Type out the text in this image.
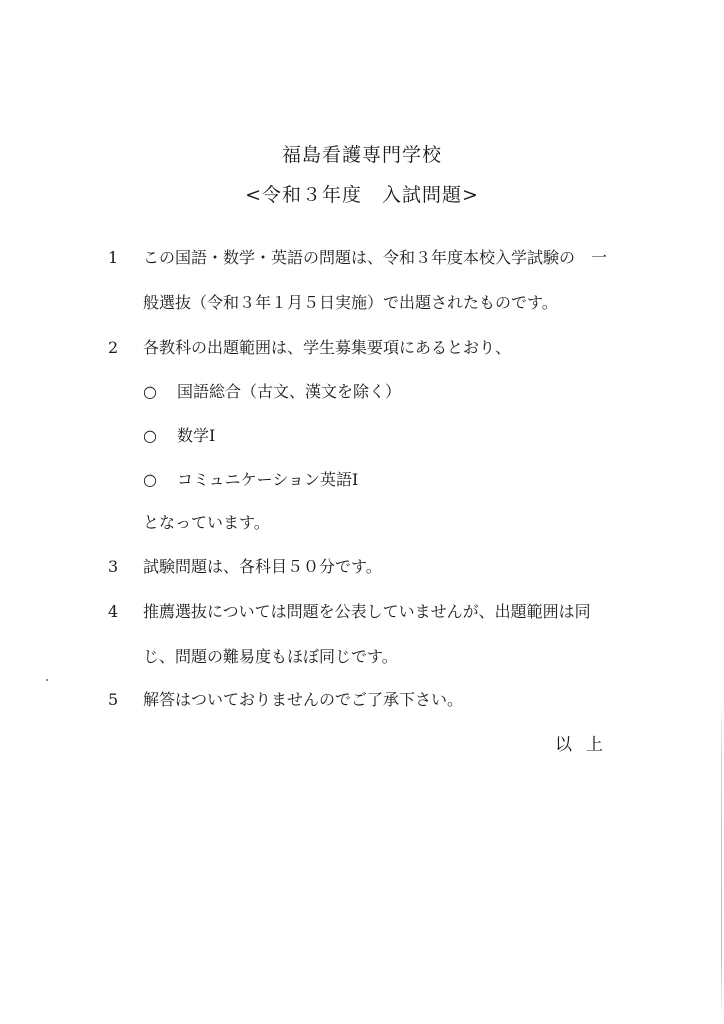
福島看護専門学校
<令和３年度　入試問題>
1	この国語・数学・英語の問題は、令和３年度本校入学試験の　一
般選抜（令和３年１月５日実施）で出題されたものです。
2	各教科の出題範囲は、学生募集要項にあるとおり、
○ 国語総合（古文、漢文を除く）
○ 数学Ⅰ
○ コミュニケーション英語Ⅰ
となっています。
3	試験問題は、各科目５０分です。
4	推薦選抜については問題を公表していませんが、出題範囲は同
じ、問題の難易度もほぼ同じです。
5	解答はついておりませんのでご了承下さい。
以上
